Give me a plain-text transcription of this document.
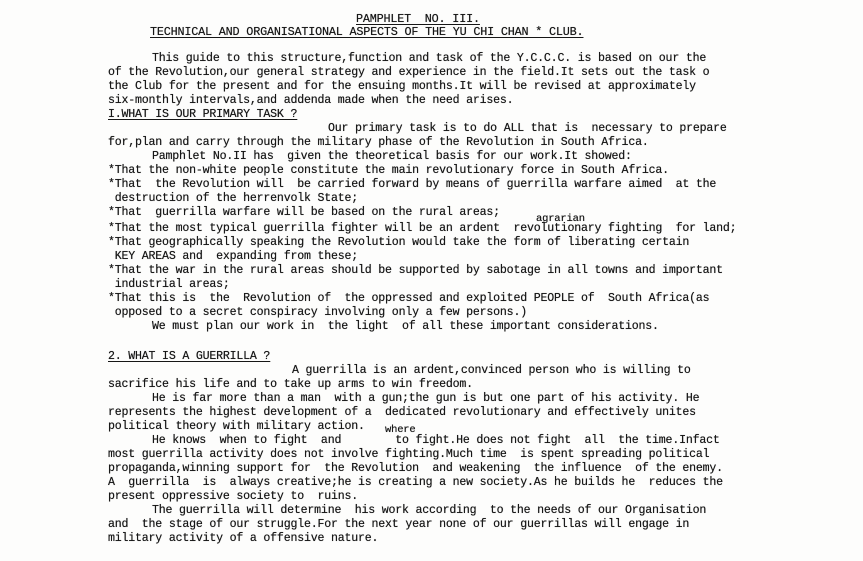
PAMPHLET  NO. III.
TECHNICAL AND ORGANISATIONAL ASPECTS OF THE YU CHI CHAN * CLUB.
This guide to this structure,function and task of the Y.C.C.C. is based on our the
of the Revolution,our general strategy and experience in the field.It sets out the task o
the Club for the present and for the ensuing months.It will be revised at approximately
six-monthly intervals,and addenda made when the need arises.
I.WHAT IS OUR PRIMARY TASK ?
Our primary task is to do ALL that is  necessary to prepare
for,plan and carry through the military phase of the Revolution in South Africa.
Pamphlet No.II has  given the theoretical basis for our work.It showed:
*That the non-white people constitute the main revolutionary force in South Africa.
*That  the Revolution will  be carried forward by means of guerrilla warfare aimed  at the
destruction of the herrenvolk State;
*That  guerrilla warfare will be based on the rural areas;	agrarian
*That the most typical guerrilla fighter will be an ardent  revolutionary fighting  for land;
*That geographically speaking the Revolution would take the form of liberating certain
KEY AREAS and  expanding from these;
*That the war in the rural areas should be supported by sabotage in all towns and important
industrial areas;
*That this is  the  Revolution of  the oppressed and exploited PEOPLE of  South Africa(as
opposed to a secret conspiracy involving only a few persons.)
We must plan our work in  the light  of all these important considerations.
2. WHAT IS A GUERRILLA ?
A guerrilla is an ardent,convinced person who is willing to
sacrifice his life and to take up arms to win freedom.
He is far more than a man  with a gun;the gun is but one part of his activity. He
represents the highest development of a  dedicated revolutionary and effectively unites
political theory with military action. where
He knows  when to fight  and        to fight.He does not fight  all  the time.Infact
most guerrilla activity does not involve fighting.Much time  is spent spreading political
propaganda,winning support for  the Revolution  and weakening  the influence  of the enemy.
A  guerrilla  is  always creative;he is creating a new society.As he builds he  reduces the
present oppressive society to  ruins.
The guerrilla will determine  his work according  to the needs of our Organisation
and  the stage of our struggle.For the next year none of our guerrillas will engage in
military activity of a offensive nature.
